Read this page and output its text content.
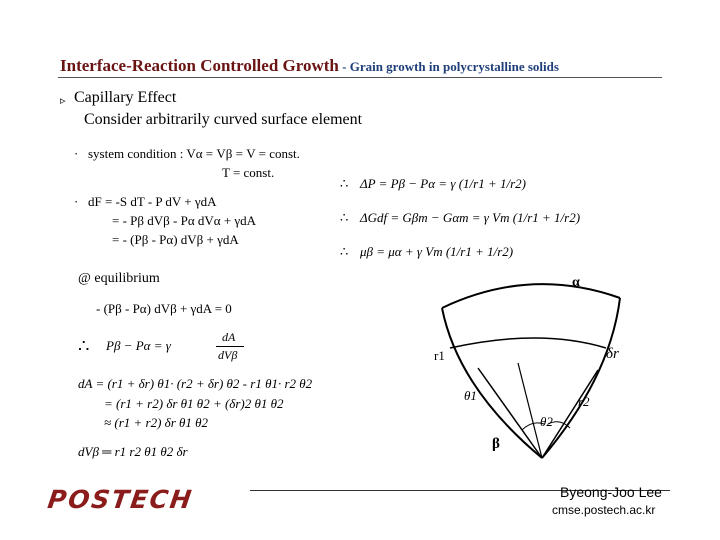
Interface-Reaction Controlled Growth - Grain growth in polycrystalline solids
▹ Capillary Effect
Consider arbitrarily curved surface element
· system condition : Vα = Vβ = V = const.
T = const.
· dF = -S dT - P dV + γdA
= - Pβ dVβ - Pα dVα + γdA
= - (Pβ - Pα) dVβ + γdA
@ equilibrium
- (Pβ - Pα) dVβ + γdA = 0
∴ Pβ − Pα = γ
dA
dVβ
dA = (r1 + δr) θ1· (r2 + δr) θ2 - r1 θ1· r2 θ2
= (r1 + r2) δr θ1 θ2 + (δr)2 θ1 θ2
≈ (r1 + r2) δr θ1 θ2
dVβ ═ r1 r2 θ1 θ2 δr
∴ ΔP = Pβ − Pα = γ (1/r1 + 1/r2)
∴ ΔGdf = Gβm − Gαm = γ Vm (1/r1 + 1/r2)
∴ μβ = μα + γ Vm (1/r1 + 1/r2)
α
r1	δr
θ1	r2
θ2
β
POSTECH	Byeong-Joo Lee
cmse.postech.ac.kr
